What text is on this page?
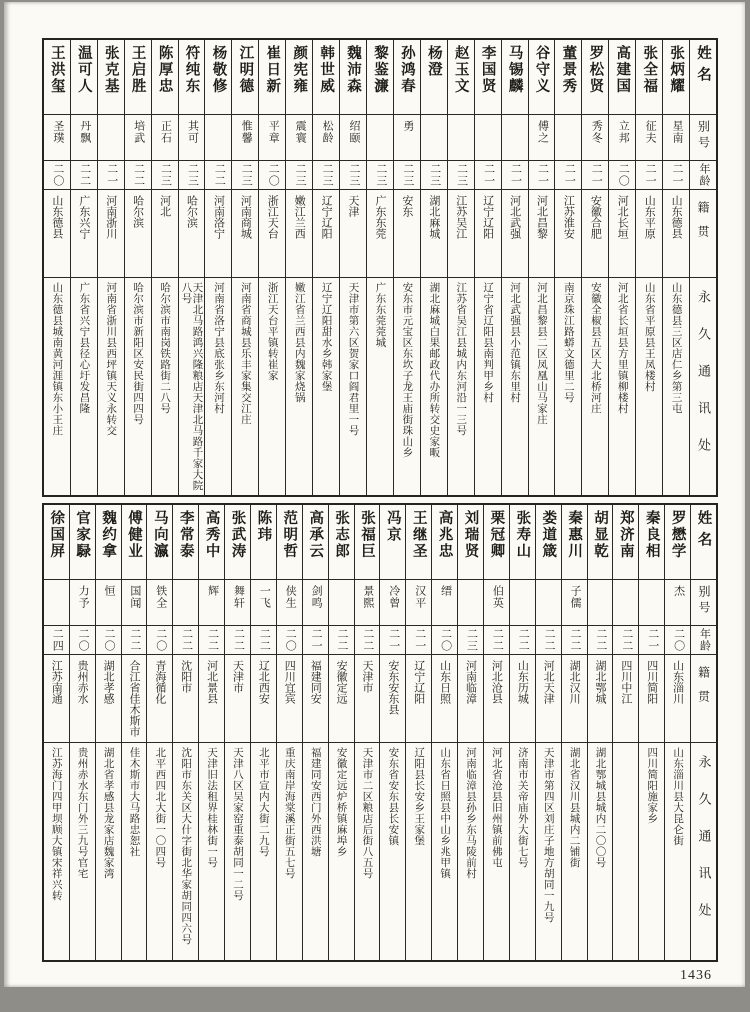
姓名
别号
年龄
籍贯
永久通讯处
张炳耀
星南
二一
山东德县
山东德县三区店仁乡第三屯
张全福
征夫
二一
山东平原
山东省平原县王凤楼村
高建国
立邦
二〇
河北长垣
河北省长垣县方里镇柳楼村
罗松贤
秀冬
二一
安徽合肥
安徽全椒县五区大北桥河庄
董景秀
二一
江苏淮安
南京珠江路蟒文德里二号
谷守义
傅之
二一
河北昌黎
河北昌黎县二区凤凰山马家庄
马锡麟
二一
河北武强
河北武强县小范镇东里村
李国贤
二一
辽宁辽阳
辽宁省辽阳县南判甲乡村
赵玉文
二三
江苏吴江
江苏省吴江县城内东河沿一三号
杨澄
二三
湖北麻城
湖北麻城白果邮政代办所转交史家畈
孙鸿春
勇
二三
安东
安东市元宝区东坎子龙王庙街珠山乡
黎鉴濂
二三
广东东莞
广东东莞莞城
魏沛森
绍颐
二三
天津
天津市第六区贺家口阎君里一号
韩世威
松龄
二三
辽宁辽阳
辽宁辽阳甜水乡韩家堡
颜宪雍
震寰
二三
嫩江兰西
嫩江省兰西县内魏家烧锅
崔日新
平章
二〇
浙江天台
浙江天台平镇转崔家
江明德
惟馨
二三
河南商城
河南省商城县乐丰家集交江庄
杨敬修
二二
河南洛宁
河南省洛宁县底张乡东河村
符纯东
其可
二三
哈尔滨
天津北马路鸿兴隆粮店天津北马路千家大院八号
陈厚忠
正石
二三
河北
哈尔滨市南岗铁路街二八号
王启胜
培武
二二
哈尔滨
哈尔滨市新阳区安民街四四号
张克基
二一
河南浙川
河南省浙川县西坪镇天义永转交
温可人
丹飘
二二
广东兴宁
广东省兴宁县径心圩发昌隆
王洪玺
圣璞
二〇
山东德县
山东德县城南黄河涯镇东小王庄
姓名
别号
年龄
籍贯
永久通讯处
罗懋学
杰
二〇
山东淄川
山东淄川县大昆仑街
秦良相
二一
四川简阳
四川简阳施家乡
郑济南
二二
四川中江
胡显乾
二二
湖北鄂城
湖北鄂城县城内二〇〇号
秦惠川
子儒
二二
湖北汉川
湖北省汉川县城内二铺街
娄道箴
二二
河北天津
天津市第四区刘庄子地方胡同一九号
张寿山
二二
山东历城
济南市关帝庙外大街七号
栗冠卿
伯英
二二
河北沧县
河北省沧县旧州镇前佛屯
刘瑞贤
二三
河南临漳
河南临漳县孙乡东马陵前村
高兆忠
缙
二〇
山东日照
山东省日照县中山乡兆甲镇
王继圣
汉平
二一
辽宁辽阳
辽阳县长安乡王家堡
冯京
冷曾
二一
安东安东县
安东省安东县长安镇
张福巨
景熙
二二
天津市
天津市二区粮店后街八五号
张志郎
二二
安徽定远
安徽定远炉桥镇麻埠乡
高承云
剑鸣
二一
福建同安
福建同安西门外西洪塘
范明哲
侠生
二〇
四川宜宾
重庆南岸海棠溪正街五七号
陈玮
一飞
二二
辽北西安
北平市宣内大街二九号
张武涛
舞轩
二二
天津市
天津八区吴家窑重泰胡同一二号
高秀中
辉
二二
河北景县
天津旧法租界桂林街一号
李常泰
二二
沈阳市
沈阳市东关区大什字街北华家胡同四六号
马向瀛
铁全
二〇
青海循化
北平西四北大街一〇四号
傅健业
国闻
二二
合江省佳木斯市
佳木斯市大马路忠恕社
魏约拿
恒
二〇
湖北孝感
湖北省孝感县龙家店魏家湾
官家騄
力予
二〇
贵州赤水
贵州赤水东门外三九号官宅
徐国屏
二四
江苏南通
江苏海门四甲坝顾大镇宋祥兴转
1436
